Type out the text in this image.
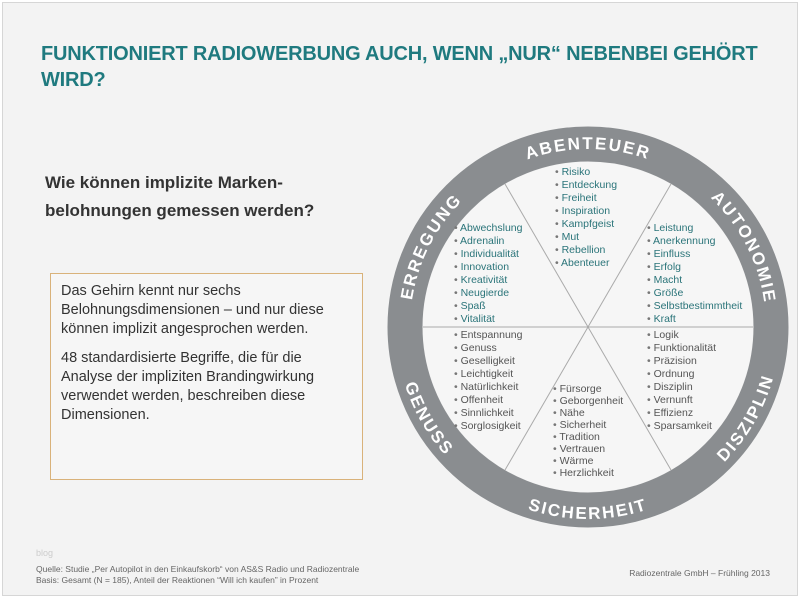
FUNKTIONIERT RADIOWERBUNG AUCH, WENN „NUR“ NEBENBEI GEHÖRT WIRD?
Wie können implizite Marken-belohnungen gemessen werden?

Das Gehirn kennt nur sechs Belohnungsdimensionen – und nur diese können implizit angesprochen werden.

48 standardisierte Begriffe, die für die Analyse der impliziten Brandingwirkung verwendet werden, beschreiben diese Dimensionen.

ERREGUNG
ABENTEUER
AUTONOMIE
GENUSS
SICHERHEIT
DISZIPLIN
• Risiko
• Entdeckung
• Freiheit
• Inspiration
• Kampfgeist
• Mut
• Rebellion
• Abenteuer
• Abwechslung
• Adrenalin
• Individualität
• Innovation
• Kreativität
• Neugierde
• Spaß
• Vitalität
• Leistung
• Anerkennung
• Einfluss
• Erfolg
• Macht
• Größe
• Selbstbestimmtheit
• Kraft
• Entspannung
• Genuss
• Geselligkeit
• Leichtigkeit
• Natürlichkeit
• Offenheit
• Sinnlichkeit
• Sorglosigkeit
• Fürsorge
• Geborgenheit
• Nähe
• Sicherheit
• Tradition
• Vertrauen
• Wärme
• Herzlichkeit
• Logik
• Funktionalität
• Präzision
• Ordnung
• Disziplin
• Vernunft
• Effizienz
• Sparsamkeit
blog
Quelle: Studie „Per Autopilot in den Einkaufskorb“ von AS&S Radio und Radiozentrale
Basis: Gesamt (N = 185), Anteil der Reaktionen “Will ich kaufen” in Prozent
Radiozentrale GmbH – Frühling 2013
